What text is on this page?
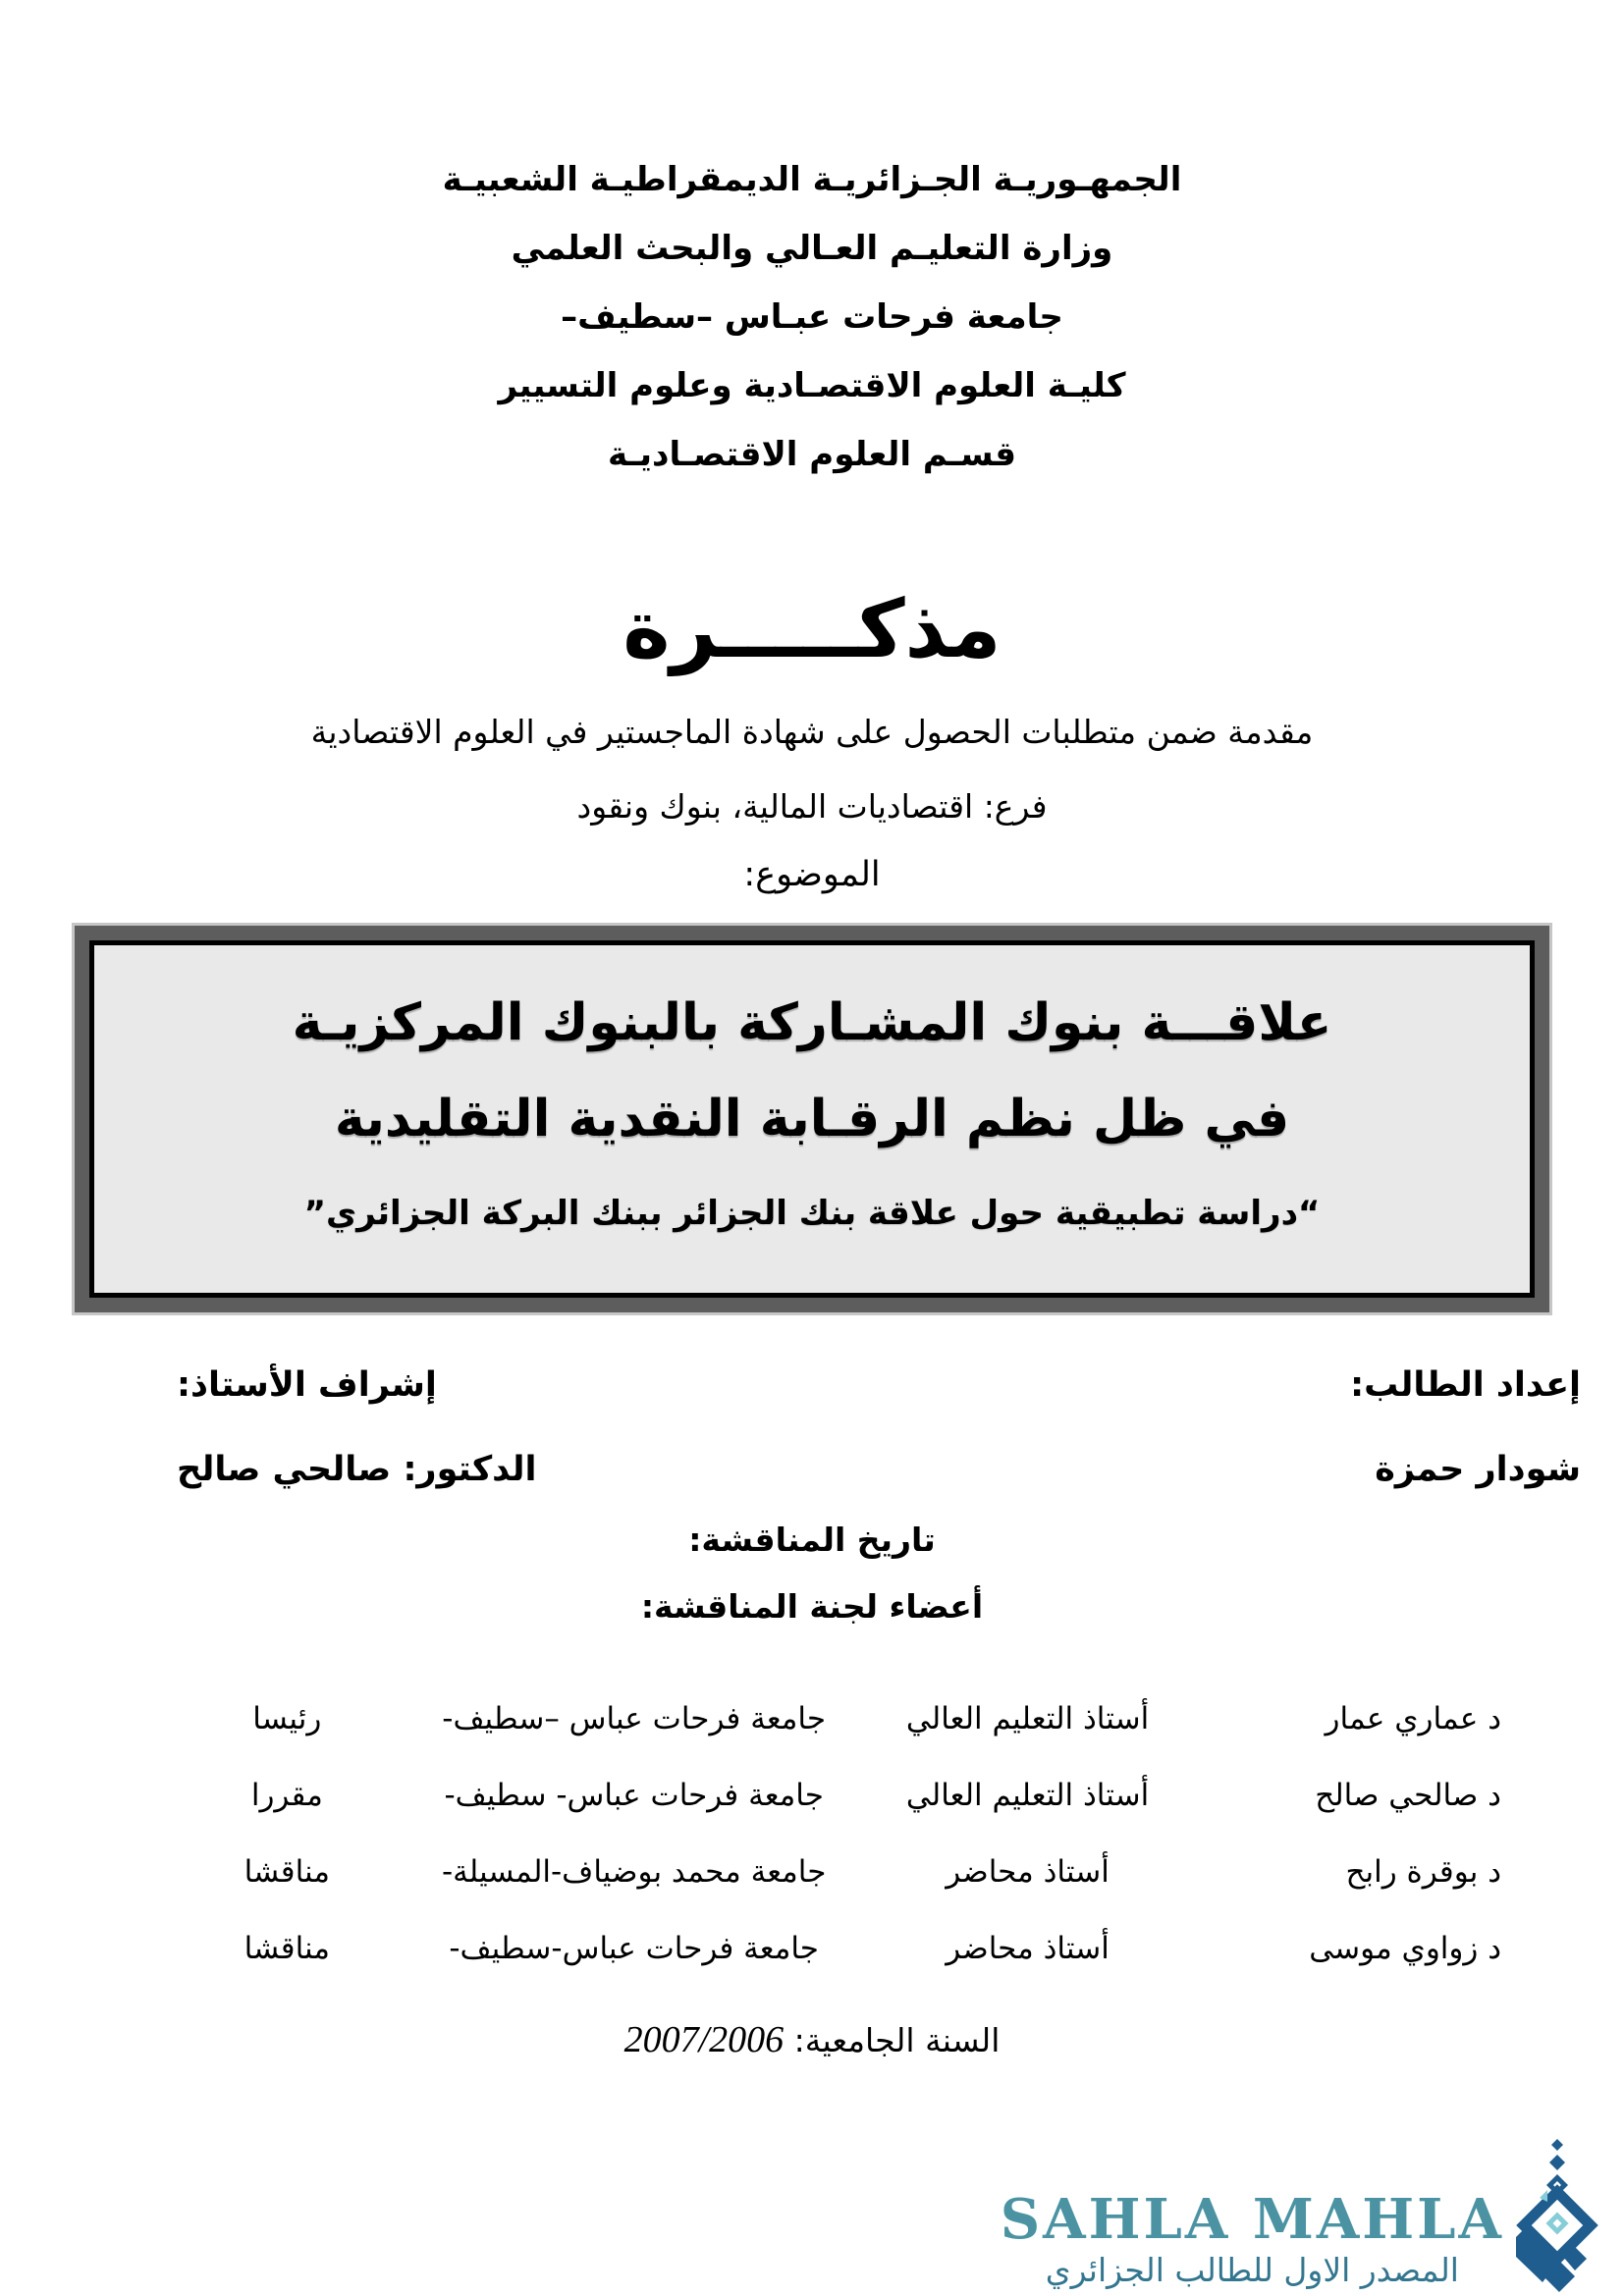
الجمهـوريـة الجـزائريـة الديمقراطيـة الشعبيـة
وزارة التعليـم العـالي والبحث العلمي
جامعة فرحات عبـاس –سطيف–
كليـة العلوم الاقتصـادية وعلوم التسيير
قسـم العلوم الاقتصـاديـة
مذكـــــرة
مقدمة ضمن متطلبات الحصول على شهادة الماجستير في العلوم الاقتصادية
فرع: اقتصاديات المالية، بنوك ونقود
الموضوع:
علاقـــة بنوك المشـاركة بالبنوك المركزيـة
في ظل نظم الرقـابة النقدية التقليدية
“دراسة تطبيقية حول علاقة بنك الجزائر ببنك البركة الجزائري”
إعداد الطالب:
شودار حمزة
إشراف الأستاذ:
الدكتور: صالحي صالح
تاريخ المناقشة:
أعضاء لجنة المناقشة:
د عماري عمار
أستاذ التعليم العالي
جامعة فرحات عباس –سطيف-
رئيسا
د صالحي صالح
أستاذ التعليم العالي
جامعة فرحات عباس- سطيف-
مقررا
د بوقرة رابح
أستاذ محاضر
جامعة محمد بوضياف-المسيلة-
مناقشا
د زواوي موسى
أستاذ محاضر
جامعة فرحات عباس-سطيف-
مناقشا
السنة الجامعية: 2007/2006
SAHLA MAHLA
المصدر الاول للطالب الجزائري
